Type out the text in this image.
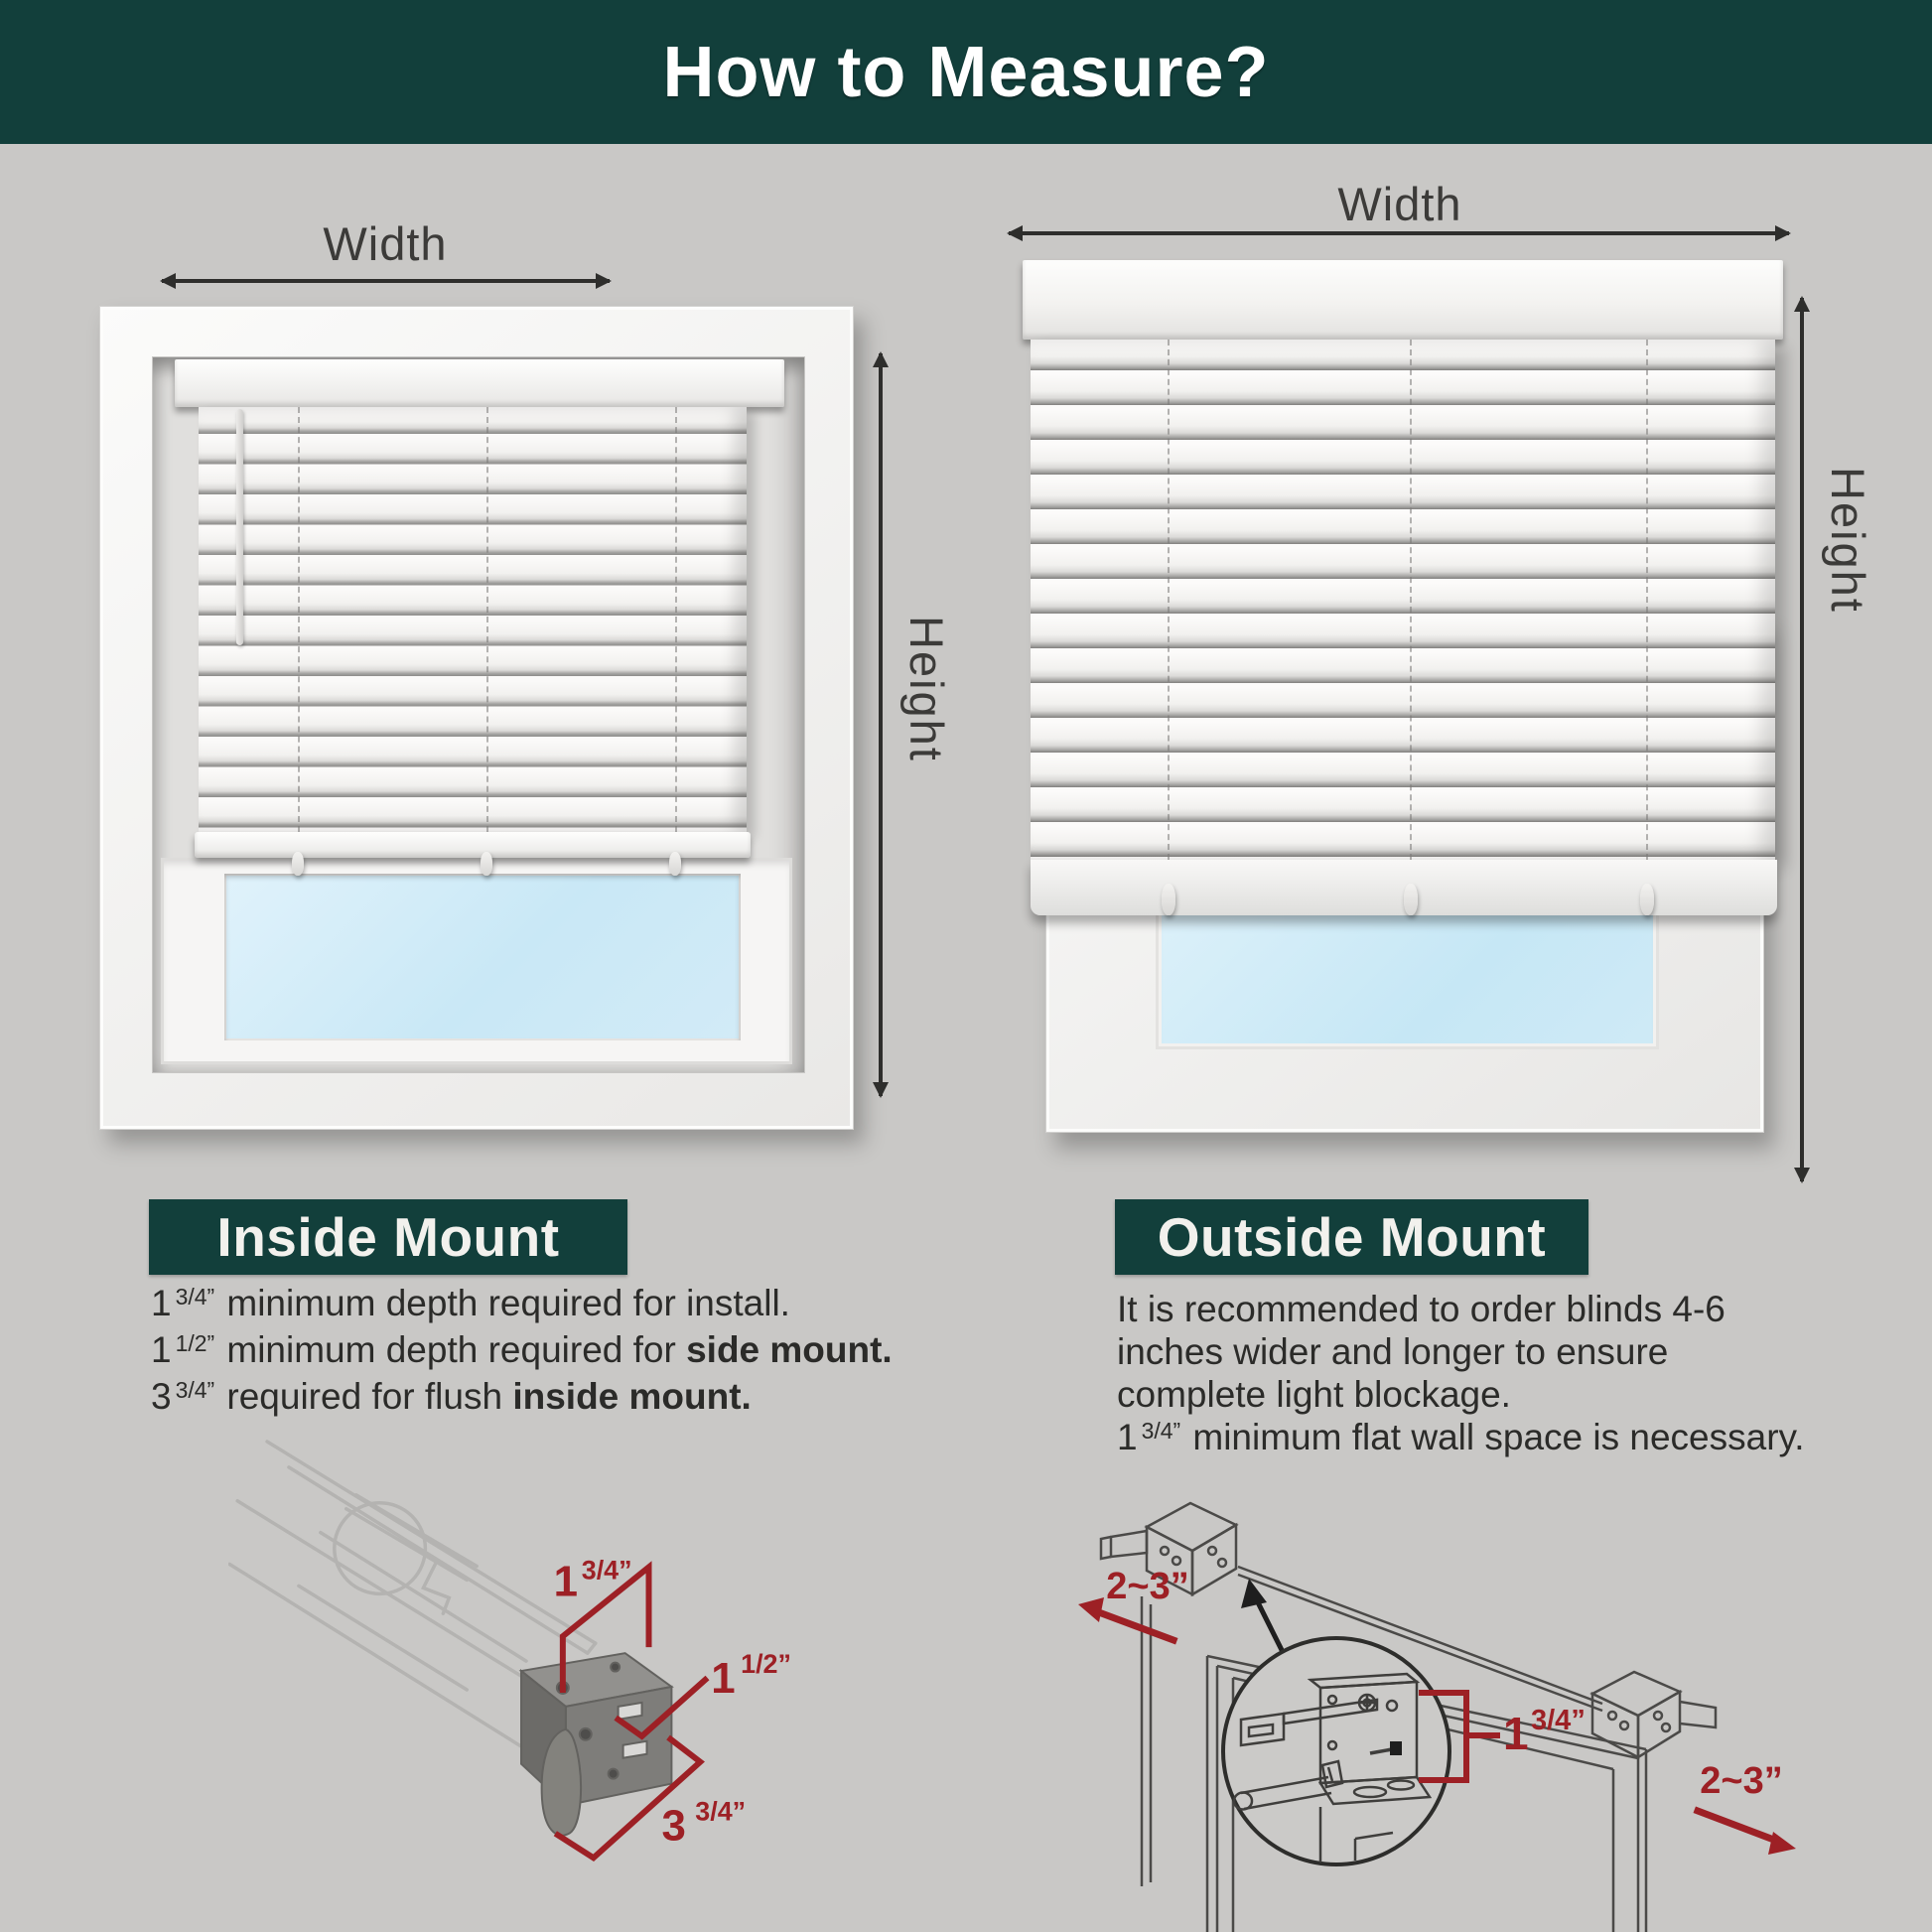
How to Measure?
Width
Height
Width
Height
Inside Mount
1 $^{3/4”}$ minimum depth required for install.
1 $^{1/2”}$ minimum depth required for side mount.
3 $^{3/4”}$ required for flush inside mount.
Outside Mount
It is recommended to order blinds 4-6
inches wider and longer to ensure
complete light blockage.
1 $^{3/4”}$ minimum flat wall space is necessary.
1 3/4”
1 1/2”
3 3/4”
2~3”
2~3”
1 3/4”
